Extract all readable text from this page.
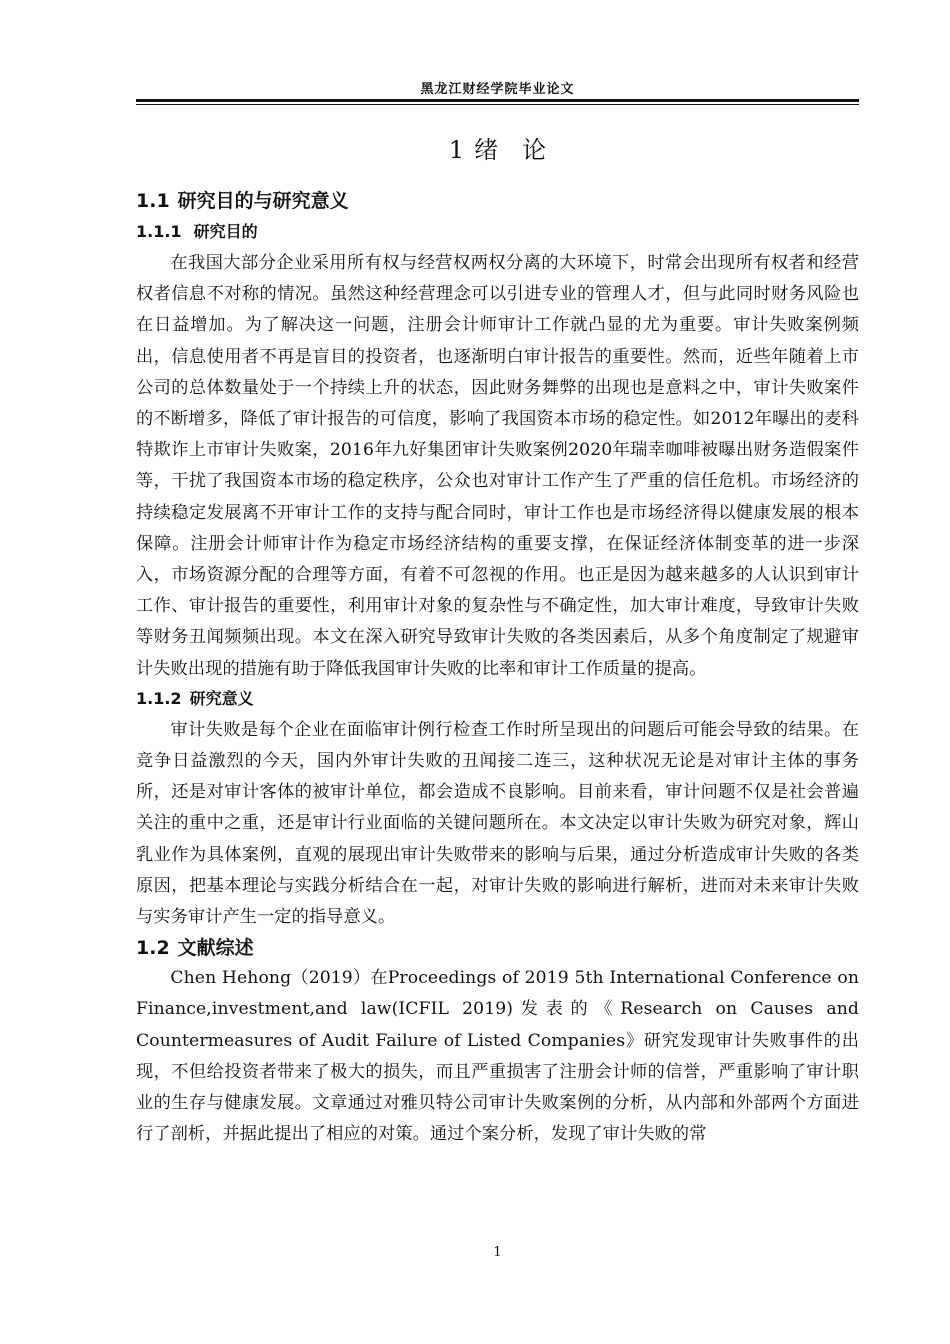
黑龙江财经学院毕业论文
1 绪　论
1.1 研究目的与研究意义
1.1.1 研究目的

在我国大部分企业采用所有权与经营权两权分离的大环境下，时常会出现所有权者和经营权者信息不对称的情况。虽然这种经营理念可以引进专业的管理人才，但与此同时财务风险也在日益增加。为了解决这一问题，注册会计师审计工作就凸显的尤为重要。审计失败案例频出，信息使用者不再是盲目的投资者，也逐渐明白审计报告的重要性。然而，近些年随着上市公司的总体数量处于一个持续上升的状态，因此财务舞弊的出现也是意料之中，审计失败案件的不断增多，降低了审计报告的可信度，影响了我国资本市场的稳定性。如2012年曝出的麦科特欺诈上市审计失败案，2016年九好集团审计失败案例2020年瑞幸咖啡被曝出财务造假案件等，干扰了我国资本市场的稳定秩序，公众也对审计工作产生了严重的信任危机。市场经济的持续稳定发展离不开审计工作的支持与配合同时，审计工作也是市场经济得以健康发展的根本保障。注册会计师审计作为稳定市场经济结构的重要支撑，在保证经济体制变革的进一步深入，市场资源分配的合理等方面，有着不可忽视的作用。也正是因为越来越多的人认识到审计工作、审计报告的重要性，利用审计对象的复杂性与不确定性，加大审计难度，导致审计失败等财务丑闻频频出现。本文在深入研究导致审计失败的各类因素后，从多个角度制定了规避审计失败出现的措施有助于降低我国审计失败的比率和审计工作质量的提高。

1.1.2 研究意义

审计失败是每个企业在面临审计例行检查工作时所呈现出的问题后可能会导致的结果。在竞争日益激烈的今天，国内外审计失败的丑闻接二连三，这种状况无论是对审计主体的事务所，还是对审计客体的被审计单位，都会造成不良影响。目前来看，审计问题不仅是社会普遍关注的重中之重，还是审计行业面临的关键问题所在。本文决定以审计失败为研究对象，辉山乳业作为具体案例，直观的展现出审计失败带来的影响与后果，通过分析造成审计失败的各类原因，把基本理论与实践分析结合在一起，对审计失败的影响进行解析，进而对未来审计失败与实务审计产生一定的指导意义。

1.2 文献综述

Chen Hehong（2019）在Proceedings of 2019 5th International Conference on Finance,investment,and law(ICFIL 2019)发表的《Research on Causes and Countermeasures of Audit Failure of Listed Companies》研究发现审计失败事件的出现，不但给投资者带来了极大的损失，而且严重损害了注册会计师的信誉，严重影响了审计职业的生存与健康发展。文章通过对雅贝特公司审计失败案例的分析，从内部和外部两个方面进行了剖析，并据此提出了相应的对策。通过个案分析，发现了审计失败的常

1
